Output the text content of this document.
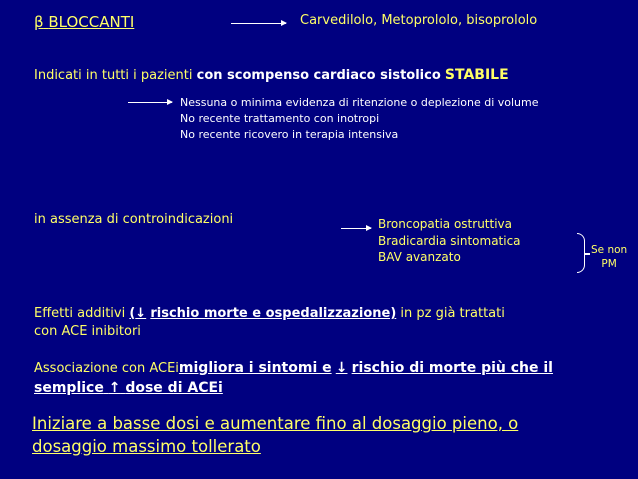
β BLOCCANTI	Carvedilolo, Metoprololo, bisoprololo
Indicati in tutti i pazienti con scompenso cardiaco sistolico STABILE
Nessuna o minima evidenza di ritenzione o deplezione di volume
No recente trattamento con inotropi
No recente ricovero in terapia intensiva
in assenza di controindicazioni	Broncopatia ostruttiva
Bradicardia sintomatica
BAV avanzato	Se non
PM
Effetti additivi (↓ rischio morte e ospedalizzazione) in pz già trattati
con ACE inibitori
Associazione con ACEimigliora i sintomi e ↓ rischio di morte più che il
semplice ↑ dose di ACEi
Iniziare a basse dosi e aumentare fino al dosaggio pieno, o
dosaggio massimo tollerato
